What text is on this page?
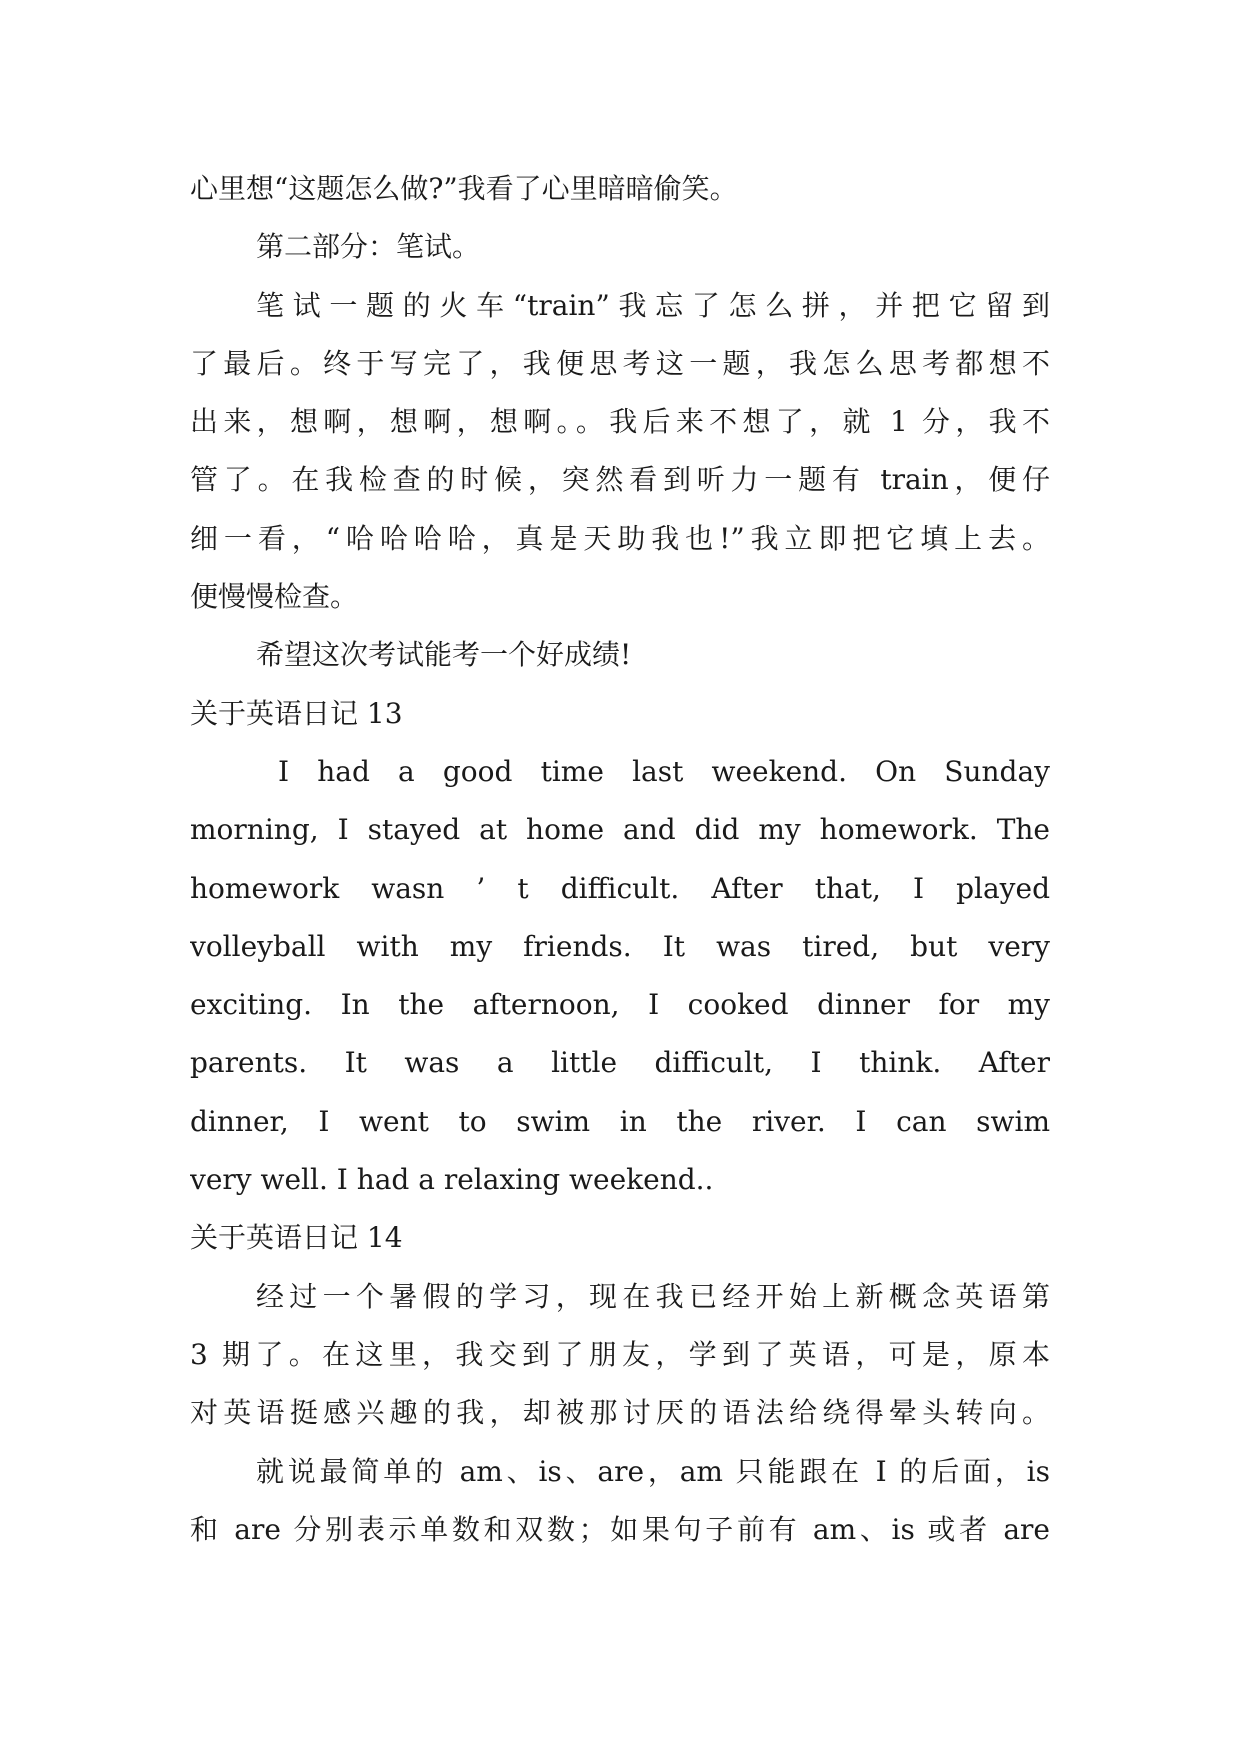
心里想“这题怎么做?”我看了心里暗暗偷笑。
第二部分：笔试。
笔试一题的火车“train”我忘了怎么拼，并把它留到
了最后。终于写完了，我便思考这一题，我怎么思考都想不
出来，想啊，想啊，想啊。。我后来不想了，就 1 分，我不
管了。在我检查的时候，突然看到听力一题有 train，便仔
细一看，“哈哈哈哈，真是天助我也!”我立即把它填上去。
便慢慢检查。
希望这次考试能考一个好成绩!
关于英语日记 13
I had a good time last weekend. On Sunday
morning, I stayed at home and did my homework. The
homework wasn ’ t difficult. After that, I played
volleyball with my friends. It was tired, but very
exciting. In the afternoon, I cooked dinner for my
parents. It was a little difficult, I think. After
dinner, I went to swim in the river. I can swim
very well. I had a relaxing weekend..
关于英语日记 14
经过一个暑假的学习，现在我已经开始上新概念英语第
3 期了。在这里，我交到了朋友，学到了英语，可是，原本
对英语挺感兴趣的我，却被那讨厌的语法给绕得晕头转向。
就说最简单的 am、is、are，am 只能跟在 I 的后面，is
和 are 分别表示单数和双数；如果句子前有 am、is 或者 are
